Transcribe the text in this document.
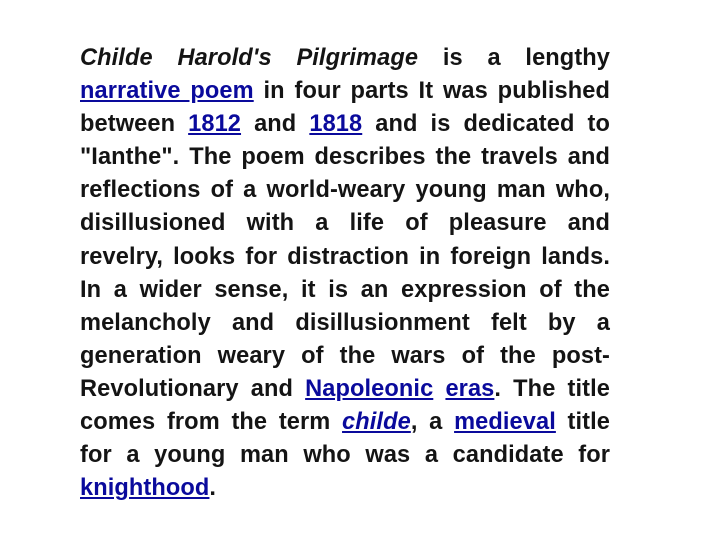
Childe Harold's Pilgrimage is a lengthy narrative poem in four parts It was published between 1812 and 1818 and is dedicated to "Ianthe". The poem describes the travels and reflections of a world-weary young man who, disillusioned with a life of pleasure and revelry, looks for distraction in foreign lands. In a wider sense, it is an expression of the melancholy and disillusionment felt by a generation weary of the wars of the post-Revolutionary and Napoleonic eras. The title comes from the term childe, a medieval title for a young man who was a candidate for knighthood.
